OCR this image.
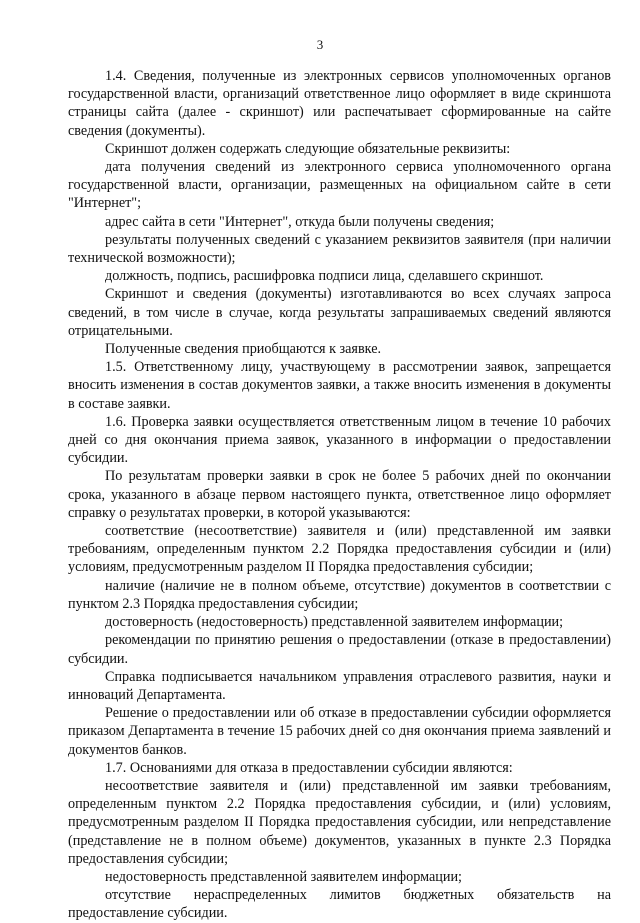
3

1.4. Сведения, полученные из электронных сервисов уполномоченных органов государственной власти, организаций ответственное лицо оформляет в виде скриншота страницы сайта (далее - скриншот) или распечатывает сформированные на сайте сведения (документы).

Скриншот должен содержать следующие обязательные реквизиты:

дата получения сведений из электронного сервиса уполномоченного органа государственной власти, организации, размещенных на официальном сайте в сети "Интернет";

адрес сайта в сети "Интернет", откуда были получены сведения;

результаты полученных сведений с указанием реквизитов заявителя (при наличии технической возможности);

должность, подпись, расшифровка подписи лица, сделавшего скриншот.

Скриншот и сведения (документы) изготавливаются во всех случаях запроса сведений, в том числе в случае, когда результаты запрашиваемых сведений являются отрицательными.

Полученные сведения приобщаются к заявке.

1.5. Ответственному лицу, участвующему в рассмотрении заявок, запрещается вносить изменения в состав документов заявки, а также вносить изменения в документы в составе заявки.

1.6. Проверка заявки осуществляется ответственным лицом в течение 10 рабочих дней со дня окончания приема заявок, указанного в информации о предоставлении субсидии.

По результатам проверки заявки в срок не более 5 рабочих дней по окончании срока, указанного в абзаце первом настоящего пункта, ответственное лицо оформляет справку о результатах проверки, в которой указываются:

соответствие (несоответствие) заявителя и (или) представленной им заявки требованиям, определенным пунктом 2.2 Порядка предоставления субсидии и (или) условиям, предусмотренным разделом II Порядка предоставления субсидии;

наличие (наличие не в полном объеме, отсутствие) документов в соответствии с пунктом 2.3 Порядка предоставления субсидии;

достоверность (недостоверность) представленной заявителем информации;

рекомендации по принятию решения о предоставлении (отказе в предоставлении) субсидии.

Справка подписывается начальником управления отраслевого развития, науки и инноваций Департамента.

Решение о предоставлении или об отказе в предоставлении субсидии оформляется приказом Департамента в течение 15 рабочих дней со дня окончания приема заявлений и документов банков.

1.7. Основаниями для отказа в предоставлении субсидии являются:

несоответствие заявителя и (или) представленной им заявки требованиям, определенным пунктом 2.2 Порядка предоставления субсидии, и (или) условиям, предусмотренным разделом II Порядка предоставления субсидии, или непредставление (представление не в полном объеме) документов, указанных в пункте 2.3 Порядка предоставления субсидии;

недостоверность представленной заявителем информации;

отсутствие нераспределенных лимитов бюджетных обязательств на предоставление субсидии.
